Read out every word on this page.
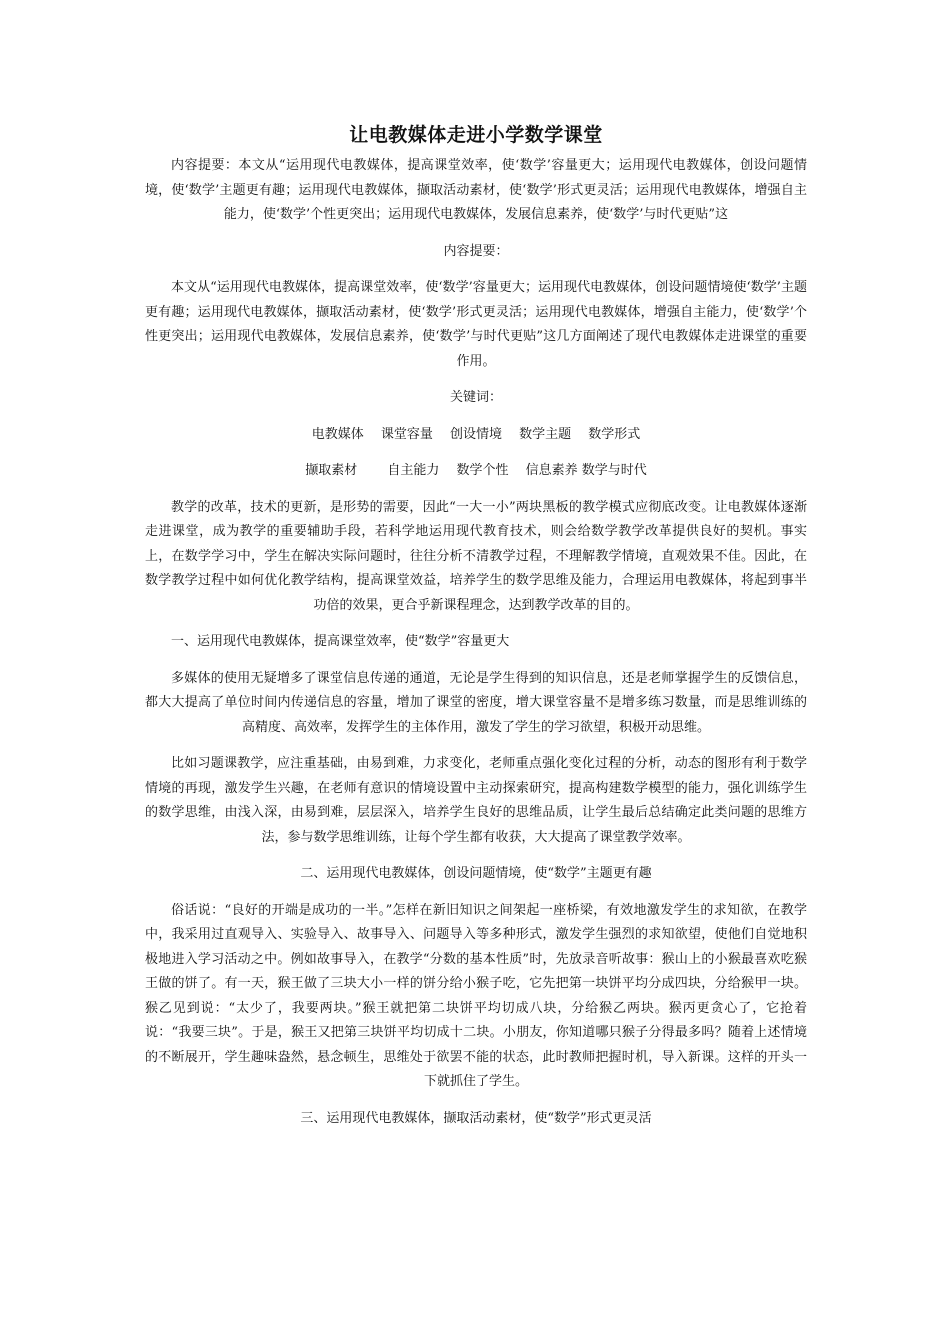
让电教媒体走进小学数学课堂

内容提要：本文从“运用现代电教媒体，提高课堂效率，使‘数学’容量更大；运用现代电教媒体，创设问题情境，使‘数学’主题更有趣；运用现代电教媒体，撷取活动素材，使‘数学’形式更灵活；运用现代电教媒体，增强自主能力，使‘数学’个性更突出；运用现代电教媒体，发展信息素养，使‘数学’与时代更贴”这

内容提要：

本文从“运用现代电教媒体，提高课堂效率，使‘数学’容量更大；运用现代电教媒体，创设问题情境使‘数学’主题更有趣；运用现代电教媒体，撷取活动素材，使‘数学’形式更灵活；运用现代电教媒体，增强自主能力，使‘数学’个性更突出；运用现代电教媒体，发展信息素养，使‘数学’与时代更贴”这几方面阐述了现代电教媒体走进课堂的重要作用。

关键词：

电教媒体　 课堂容量　 创设情境　 数学主题　 数学形式

撷取素材　　 自主能力　 数学个性　 信息素养 数学与时代

教学的改革，技术的更新，是形势的需要，因此“一大一小”两块黑板的教学模式应彻底改变。让电教媒体逐渐走进课堂，成为教学的重要辅助手段，若科学地运用现代教育技术，则会给数学教学改革提供良好的契机。事实上，在数学学习中，学生在解决实际问题时，往往分析不清教学过程，不理解教学情境，直观效果不佳。因此，在数学教学过程中如何优化教学结构，提高课堂效益，培养学生的数学思维及能力，合理运用电教媒体，将起到事半功倍的效果，更合乎新课程理念，达到教学改革的目的。

一、运用现代电教媒体，提高课堂效率，使“数学”容量更大

多媒体的使用无疑增多了课堂信息传递的通道，无论是学生得到的知识信息，还是老师掌握学生的反馈信息，都大大提高了单位时间内传递信息的容量，增加了课堂的密度，增大课堂容量不是增多练习数量，而是思维训练的高精度、高效率，发挥学生的主体作用，激发了学生的学习欲望，积极开动思维。

比如习题课教学，应注重基础，由易到难，力求变化，老师重点强化变化过程的分析，动态的图形有利于数学情境的再现，激发学生兴趣，在老师有意识的情境设置中主动探索研究，提高构建数学模型的能力，强化训练学生的数学思维，由浅入深，由易到难，层层深入，培养学生良好的思维品质，让学生最后总结确定此类问题的思维方法，参与数学思维训练，让每个学生都有收获，大大提高了课堂教学效率。

二、运用现代电教媒体，创设问题情境，使“数学”主题更有趣

俗话说：“良好的开端是成功的一半。”怎样在新旧知识之间架起一座桥梁，有效地激发学生的求知欲，在教学中，我采用过直观导入、实验导入、故事导入、问题导入等多种形式，激发学生强烈的求知欲望，使他们自觉地积极地进入学习活动之中。例如故事导入，在教学“分数的基本性质”时，先放录音听故事：猴山上的小猴最喜欢吃猴王做的饼了。有一天，猴王做了三块大小一样的饼分给小猴子吃，它先把第一块饼平均分成四块，分给猴甲一块。猴乙见到说：“太少了，我要两块。”猴王就把第二块饼平均切成八块，分给猴乙两块。猴丙更贪心了，它抢着说：“我要三块”。于是，猴王又把第三块饼平均切成十二块。小朋友，你知道哪只猴子分得最多吗？随着上述情境的不断展开，学生趣味盎然，悬念顿生，思维处于欲罢不能的状态，此时教师把握时机，导入新课。这样的开头一下就抓住了学生。

三、运用现代电教媒体，撷取活动素材，使“数学”形式更灵活
